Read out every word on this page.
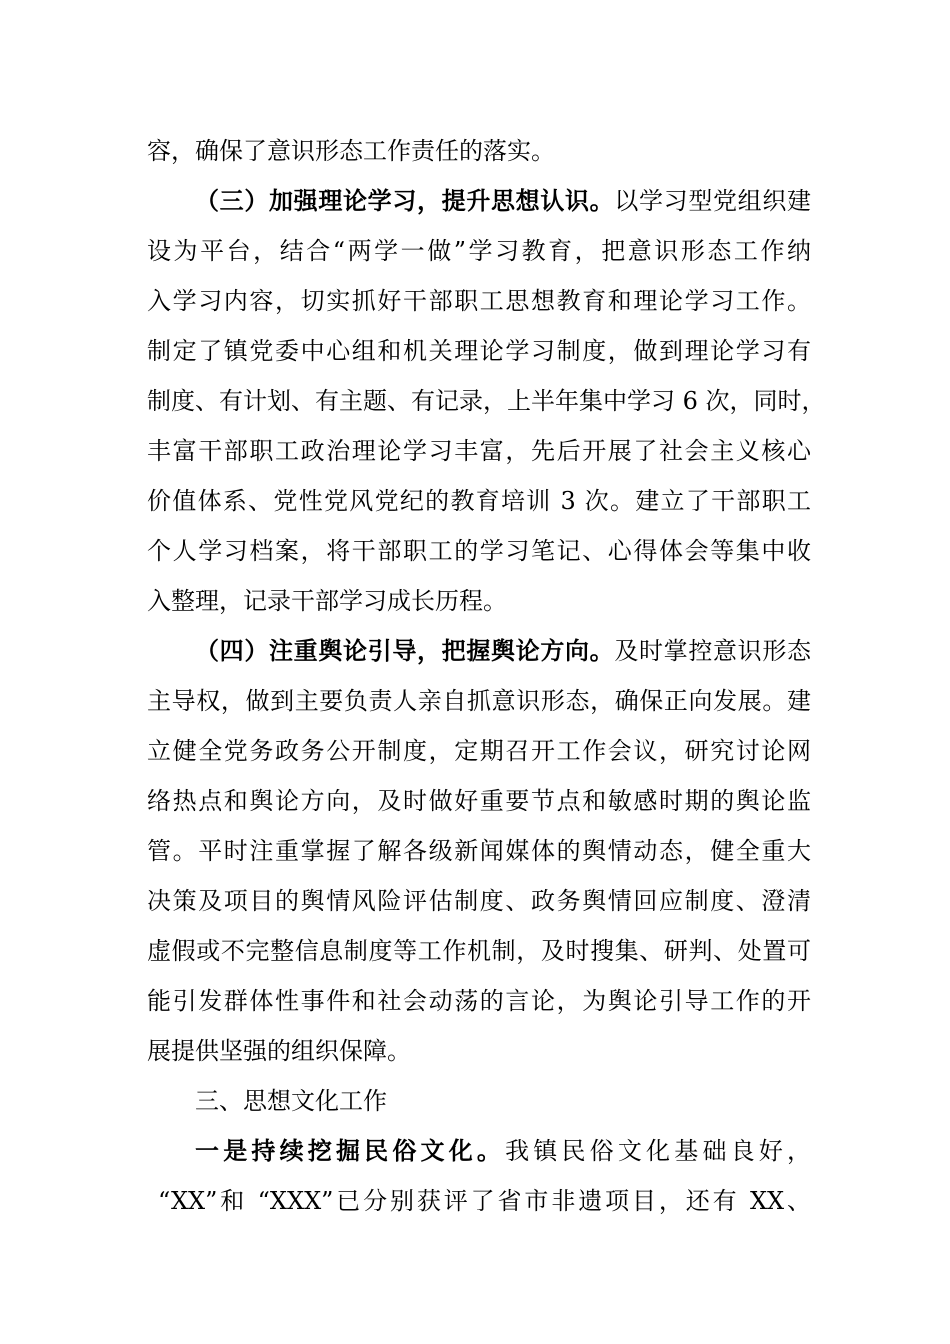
容，确保了意识形态工作责任的落实。
（三）加强理论学习，提升思想认识。以学习型党组织建
设为平台，结合“两学一做”学习教育，把意识形态工作纳
入学习内容，切实抓好干部职工思想教育和理论学习工作。
制定了镇党委中心组和机关理论学习制度，做到理论学习有
制度、有计划、有主题、有记录，上半年集中学习 6 次，同时，
丰富干部职工政治理论学习丰富，先后开展了社会主义核心
价值体系、党性党风党纪的教育培训 3 次。建立了干部职工
个人学习档案，将干部职工的学习笔记、心得体会等集中收
入整理，记录干部学习成长历程。
（四）注重舆论引导，把握舆论方向。及时掌控意识形态
主导权，做到主要负责人亲自抓意识形态，确保正向发展。建
立健全党务政务公开制度，定期召开工作会议，研究讨论网
络热点和舆论方向，及时做好重要节点和敏感时期的舆论监
管。平时注重掌握了解各级新闻媒体的舆情动态，健全重大
决策及项目的舆情风险评估制度、政务舆情回应制度、澄清
虚假或不完整信息制度等工作机制，及时搜集、研判、处置可
能引发群体性事件和社会动荡的言论，为舆论引导工作的开
展提供坚强的组织保障。
三、思想文化工作
一是持续挖掘民俗文化。我镇民俗文化基础良好，
“XX”和 “XXX”已分别获评了省市非遗项目，还有 XX、
